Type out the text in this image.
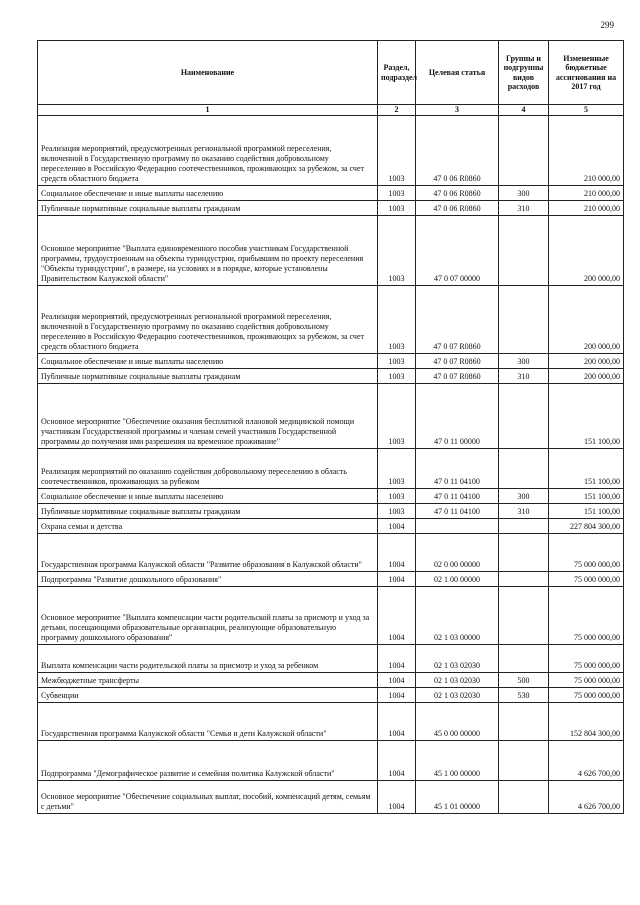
299
Наименование	Раздел, подраздел	Целевая статья	Группы и подгруппы видов расходов	Измененные бюджетные ассигнования на 2017 год
1	2	3	4	5
Реализация мероприятий, предусмотренных региональной программой переселения, включенной в Государственную программу по оказанию содействия добровольному переселению в Российскую Федерацию соотечественников, проживающих за рубежом, за счет средств областного бюджета	1003	47 0 06 R0860		210 000,00
Социальное обеспечение и иные выплаты населению	1003	47 0 06 R0860	300	210 000,00
Публичные нормативные социальные выплаты гражданам	1003	47 0 06 R0860	310	210 000,00
Основное мероприятие "Выплата единовременного пособия участникам Государственной программы, трудоустроенным на объекты туриндустрии, прибывшим по проекту переселения "Объекты туриндустрии", в размере, на условиях и в порядке, которые установлены Правительством Калужской области"	1003	47 0 07 00000		200 000,00
Реализация мероприятий, предусмотренных региональной программой переселения, включенной в Государственную программу по оказанию содействия добровольному переселению в Российскую Федерацию соотечественников, проживающих за рубежом, за счет средств областного бюджета	1003	47 0 07 R0860		200 000,00
Социальное обеспечение и иные выплаты населению	1003	47 0 07 R0860	300	200 000,00
Публичные нормативные социальные выплаты гражданам	1003	47 0 07 R0860	310	200 000,00
Основное мероприятие "Обеспечение оказания бесплатной плановой медицинской помощи участникам Государственной программы и членам семей участников Государственной программы до получения ими разрешения на временное проживание"	1003	47 0 11 00000		151 100,00
Реализация мероприятий по оказанию содействия добровольному переселению в область соотечественников, проживающих за рубежом	1003	47 0 11 04100		151 100,00
Социальное обеспечение и иные выплаты населению	1003	47 0 11 04100	300	151 100,00
Публичные нормативные социальные выплаты гражданам	1003	47 0 11 04100	310	151 100,00
Охрана семьи и детства	1004			227 804 300,00
Государственная программа Калужской области "Развитие образования в Калужской области"	1004	02 0 00 00000		75 000 000,00
Подпрограмма "Развитие дошкольного образования"	1004	02 1 00 00000		75 000 000,00
Основное мероприятие "Выплата компенсации части родительской платы за присмотр и уход за детьми, посещающими образовательные организации, реализующие образовательную программу дошкольного образования"	1004	02 1 03 00000		75 000 000,00
Выплата компенсации части родительской платы за присмотр и уход за ребенком	1004	02 1 03 02030		75 000 000,00
Межбюджетные трансферты	1004	02 1 03 02030	500	75 000 000,00
Субвенции	1004	02 1 03 02030	530	75 000 000,00
Государственная программа Калужской области "Семья и дети Калужской области"	1004	45 0 00 00000		152 804 300,00
Подпрограмма "Демографическое развитие и семейная политика Калужской области"	1004	45 1 00 00000		4 626 700,00
Основное мероприятие "Обеспечение социальных выплат, пособий, компенсаций детям, семьям с детьми"	1004	45 1 01 00000		4 626 700,00
